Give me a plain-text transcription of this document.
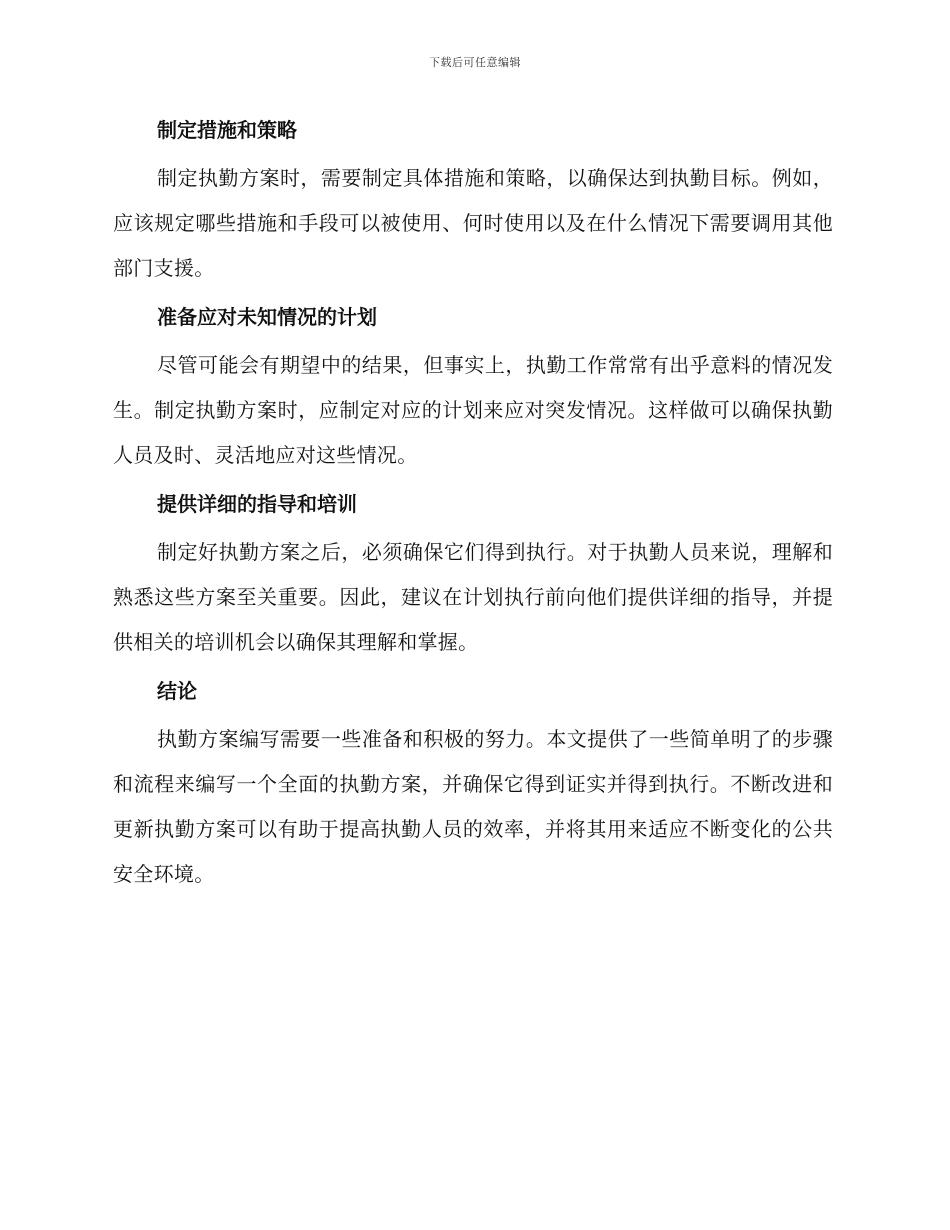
下载后可任意编辑
制定措施和策略

制定执勤方案时，需要制定具体措施和策略，以确保达到执勤目标。例如，应该规定哪些措施和手段可以被使用、何时使用以及在什么情况下需要调用其他部门支援。

准备应对未知情况的计划

尽管可能会有期望中的结果，但事实上，执勤工作常常有出乎意料的情况发生。制定执勤方案时，应制定对应的计划来应对突发情况。这样做可以确保执勤人员及时、灵活地应对这些情况。

提供详细的指导和培训

制定好执勤方案之后，必须确保它们得到执行。对于执勤人员来说，理解和熟悉这些方案至关重要。因此，建议在计划执行前向他们提供详细的指导，并提供相关的培训机会以确保其理解和掌握。

结论

执勤方案编写需要一些准备和积极的努力。本文提供了一些简单明了的步骤和流程来编写一个全面的执勤方案，并确保它得到证实并得到执行。不断改进和更新执勤方案可以有助于提高执勤人员的效率，并将其用来适应不断变化的公共安全环境。
